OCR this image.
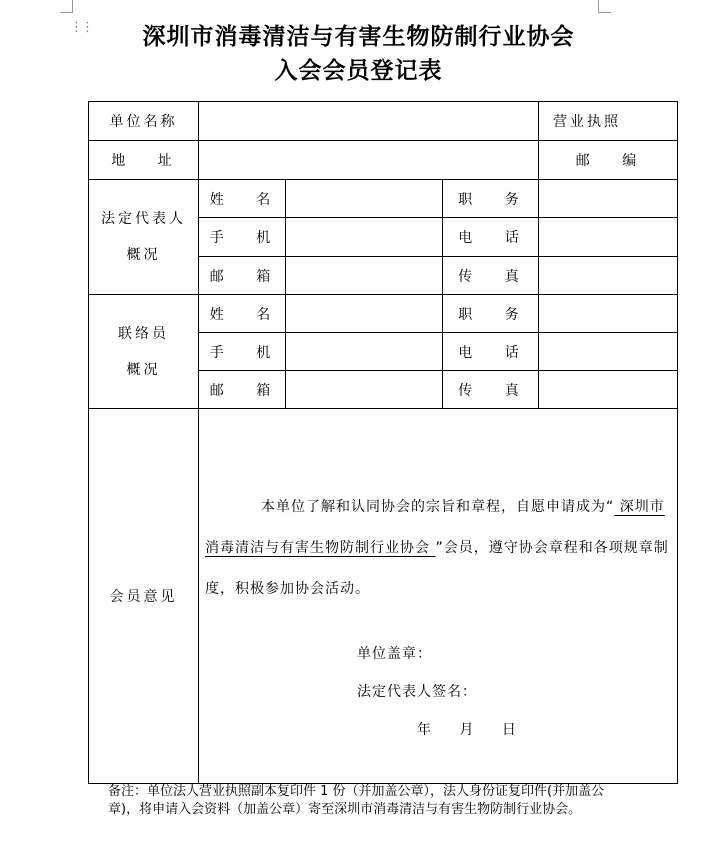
⋮⋮	深圳市消毒清洁与有害生物防制行业协会
入会会员登记表
单位名称				营业执照	
地 址				邮 编	

法定代表人
概况	姓 名		职 务		
	手 机		电 话		
	邮 箱		传 真		

联络员
概况	姓 名		职 务		
	手 机		电 话		
	邮 箱		传 真		
会员意见	本单位了解和认同协会的宗旨和章程，自愿申请成为“ 深圳市消毒清洁与有害生物防制行业协会 ”会员，遵守协会章程和各项规章制度，积极参加协会活动。
单位盖章：
法定代表人签名：
年 月 日				
备注：单位法人营业执照副本复印件 1 份（并加盖公章），法人身份证复印件(并加盖公章)，将申请入会资料（加盖公章）寄至深圳市消毒清洁与有害生物防制行业协会。
